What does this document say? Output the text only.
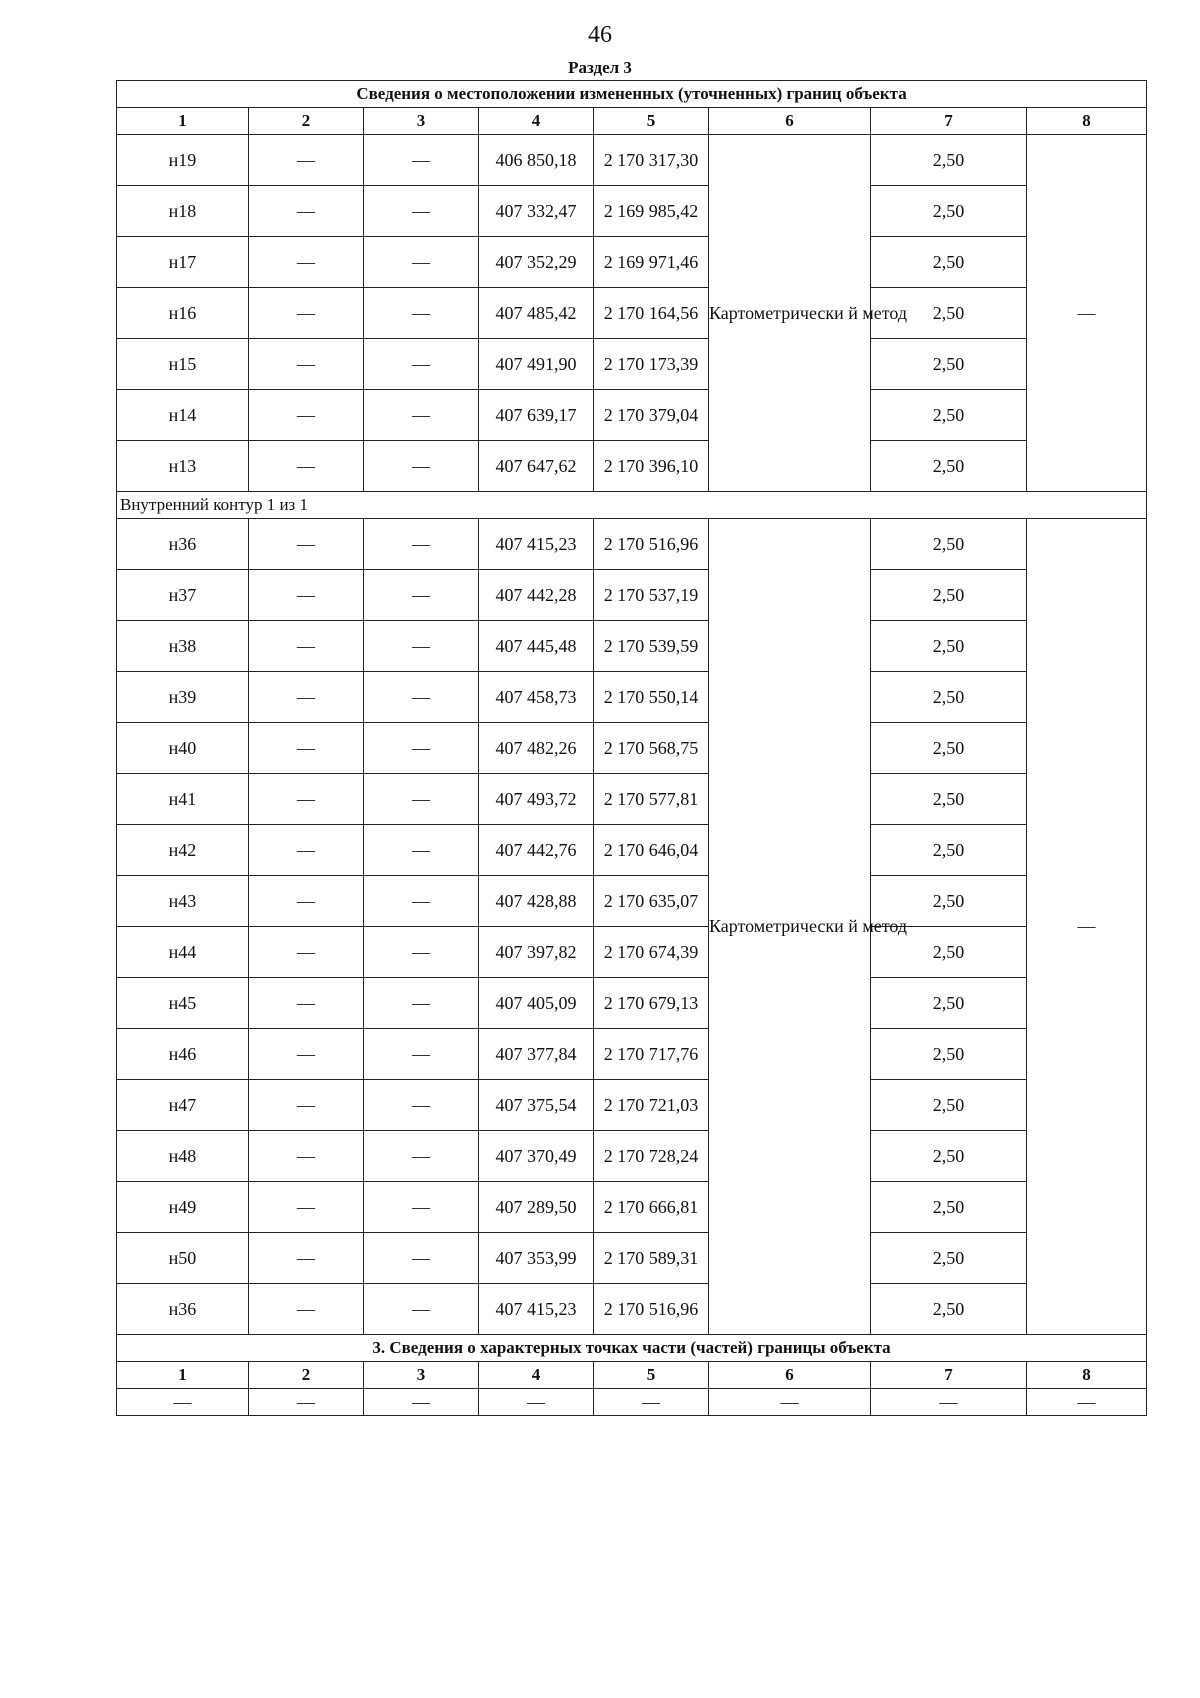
46
Раздел 3
Сведения о местоположении измененных (уточненных) границ объекта							
1	2	3	4	5	6	7	8
н19	—	—	406 850,18	2 170 317,30	Картометрически й метод	2,50	—
н18	—	—	407 332,47	2 169 985,42		2,50	
н17	—	—	407 352,29	2 169 971,46		2,50	
н16	—	—	407 485,42	2 170 164,56		2,50	
н15	—	—	407 491,90	2 170 173,39		2,50	
н14	—	—	407 639,17	2 170 379,04		2,50	
н13	—	—	407 647,62	2 170 396,10		2,50	
Внутренний контур 1 из 1							
н36	—	—	407 415,23	2 170 516,96	Картометрически й метод	2,50	—
н37	—	—	407 442,28	2 170 537,19		2,50	
н38	—	—	407 445,48	2 170 539,59		2,50	
н39	—	—	407 458,73	2 170 550,14		2,50	
н40	—	—	407 482,26	2 170 568,75		2,50	
н41	—	—	407 493,72	2 170 577,81		2,50	
н42	—	—	407 442,76	2 170 646,04		2,50	
н43	—	—	407 428,88	2 170 635,07		2,50	
н44	—	—	407 397,82	2 170 674,39		2,50	
н45	—	—	407 405,09	2 170 679,13		2,50	
н46	—	—	407 377,84	2 170 717,76		2,50	
н47	—	—	407 375,54	2 170 721,03		2,50	
н48	—	—	407 370,49	2 170 728,24		2,50	
н49	—	—	407 289,50	2 170 666,81		2,50	
н50	—	—	407 353,99	2 170 589,31		2,50	
н36	—	—	407 415,23	2 170 516,96		2,50	
3. Сведения о характерных точках части (частей) границы объекта							
1	2	3	4	5	6	7	8
—	—	—	—	—	—	—	—
